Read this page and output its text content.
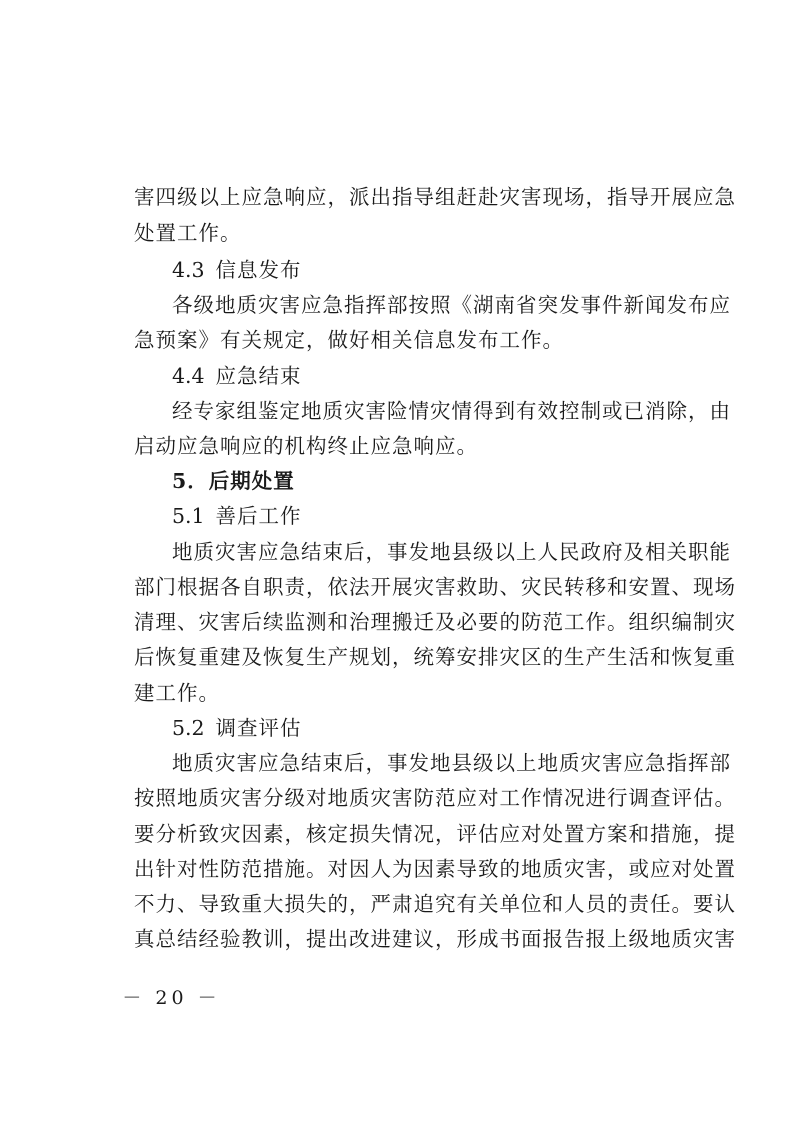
害四级以上应急响应，派出指导组赶赴灾害现场，指导开展应急
处置工作。
4.3 信息发布
各级地质灾害应急指挥部按照《湖南省突发事件新闻发布应
急预案》有关规定，做好相关信息发布工作。
4.4 应急结束
经专家组鉴定地质灾害险情灾情得到有效控制或已消除，由
启动应急响应的机构终止应急响应。
5．后期处置
5.1 善后工作
地质灾害应急结束后，事发地县级以上人民政府及相关职能
部门根据各自职责，依法开展灾害救助、灾民转移和安置、现场
清理、灾害后续监测和治理搬迁及必要的防范工作。组织编制灾
后恢复重建及恢复生产规划，统筹安排灾区的生产生活和恢复重
建工作。
5.2 调查评估
地质灾害应急结束后，事发地县级以上地质灾害应急指挥部
按照地质灾害分级对地质灾害防范应对工作情况进行调查评估。
要分析致灾因素，核定损失情况，评估应对处置方案和措施，提
出针对性防范措施。对因人为因素导致的地质灾害，或应对处置
不力、导致重大损失的，严肃追究有关单位和人员的责任。要认
真总结经验教训，提出改进建议，形成书面报告报上级地质灾害
－ 20 －
